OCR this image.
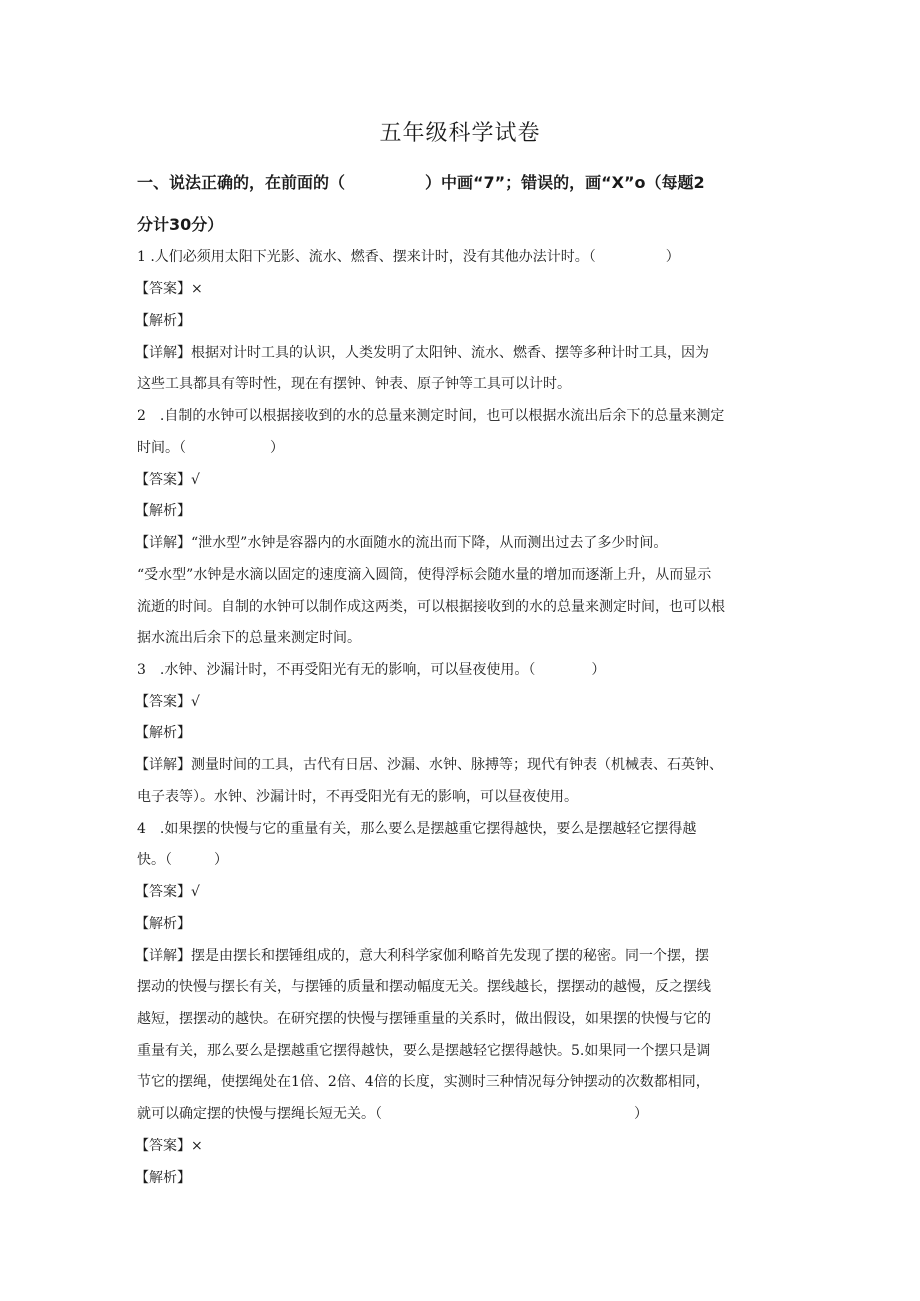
五年级科学试卷
一、说法正确的，在前面的（　　　　　）中画“7”；错误的，画“X”o（每题2
分计30分）
1 .人们必须用太阳下光影、流水、燃香、摆来计时，没有其他办法计时。（　　　　　）
【答案】×
【解析】
【详解】根据对计时工具的认识，人类发明了太阳钟、流水、燃香、摆等多种计时工具，因为
这些工具都具有等时性，现在有摆钟、钟表、原子钟等工具可以计时。
2　.自制的水钟可以根据接收到的水的总量来测定时间，也可以根据水流出后余下的总量来测定
时间。（　　　　　　）
【答案】√
【解析】
【详解】“泄水型”水钟是容器内的水面随水的流出而下降，从而测出过去了多少时间。
“受水型”水钟是水滴以固定的速度滴入圆筒，使得浮标会随水量的增加而逐渐上升，从而显示
流逝的时间。自制的水钟可以制作成这两类，可以根据接收到的水的总量来测定时间，也可以根
据水流出后余下的总量来测定时间。
3　.水钟、沙漏计时，不再受阳光有无的影响，可以昼夜使用。（　　　　）
【答案】√
【解析】
【详解】测量时间的工具，古代有日居、沙漏、水钟、脉搏等；现代有钟表（机械表、石英钟、
电子表等）。水钟、沙漏计时，不再受阳光有无的影响，可以昼夜使用。
4　.如果摆的快慢与它的重量有关，那么要么是摆越重它摆得越快，要么是摆越轻它摆得越
快。（　　　）
【答案】√
【解析】
【详解】摆是由摆长和摆锤组成的，意大利科学家伽利略首先发现了摆的秘密。同一个摆，摆
摆动的快慢与摆长有关，与摆锤的质量和摆动幅度无关。摆线越长，摆摆动的越慢，反之摆线
越短，摆摆动的越快。在研究摆的快慢与摆锤重量的关系时，做出假设，如果摆的快慢与它的
重量有关，那么要么是摆越重它摆得越快，要么是摆越轻它摆得越快。5.如果同一个摆只是调
节它的摆绳，使摆绳处在1倍、2倍、4倍的长度，实测时三种情况每分钟摆动的次数都相同，
就可以确定摆的快慢与摆绳长短无关。（　　　　　　　　　　　　　　　　　　）
【答案】×
【解析】
